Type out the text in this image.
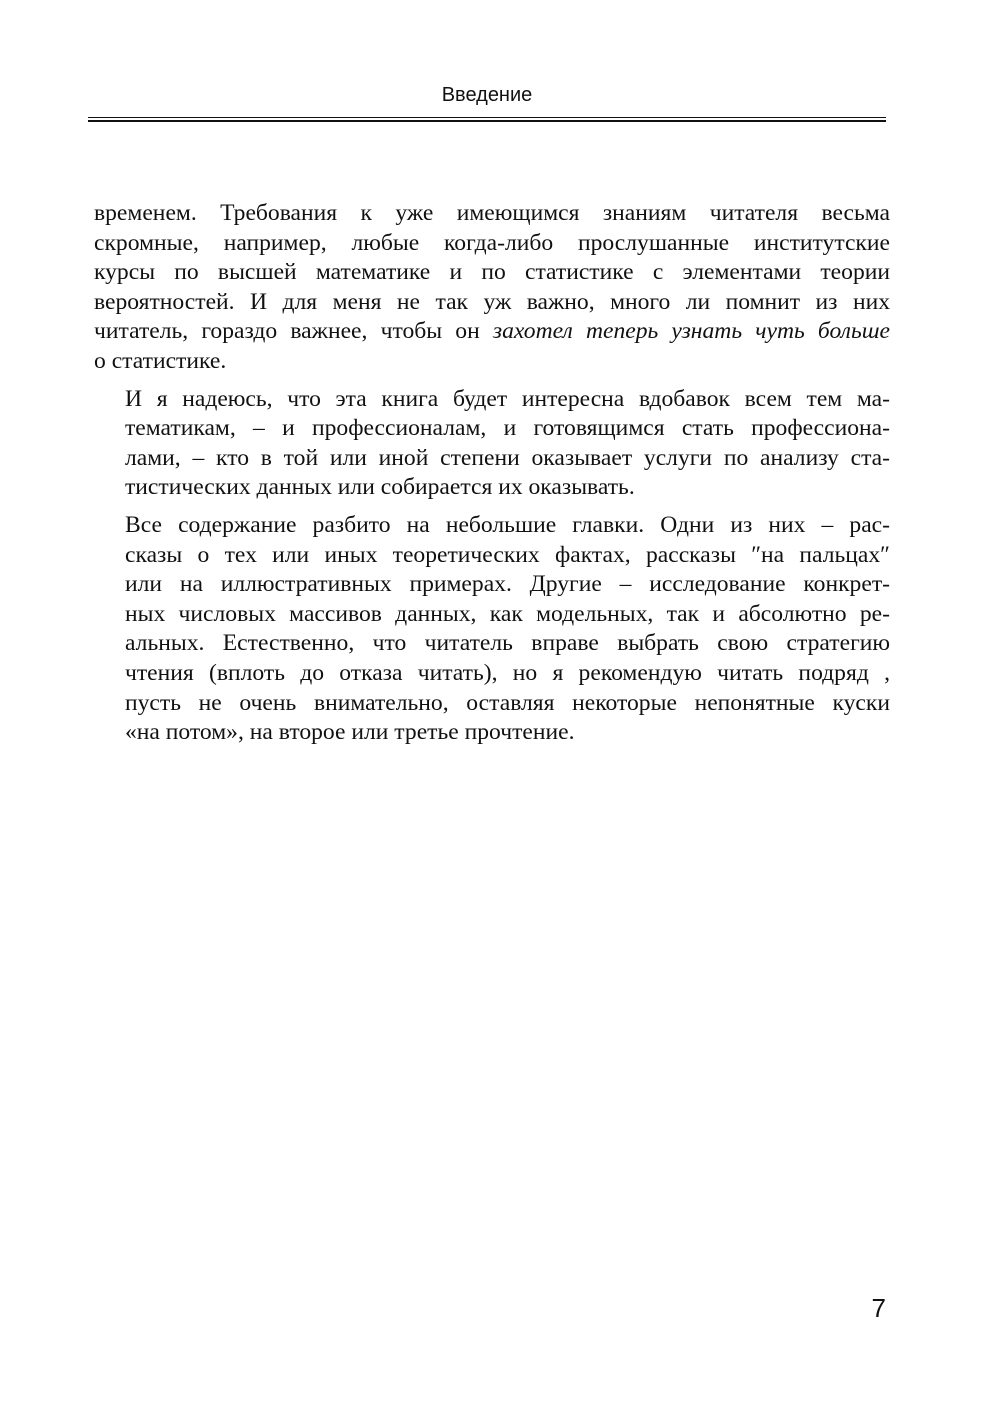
Введение

временем. Требования к уже имеющимся знаниям читателя весьма
скромные, например, любые когда-либо прослушанные институтские
курсы по высшей математике и по статистике с элементами теории
вероятностей. И для меня не так уж важно, много ли помнит из них
читатель, гораздо важнее, чтобы он захотел теперь узнать чуть больше
о статистике.

И я надеюсь, что эта книга будет интересна вдобавок всем тем ма-
тематикам, – и профессионалам, и готовящимся стать профессиона-
лами, – кто в той или иной степени оказывает услуги по анализу ста-
тистических данных или собирается их оказывать.

Все содержание разбито на небольшие главки. Одни из них – рас-
сказы о тех или иных теоретических фактах, рассказы ″на пальцах″
или на иллюстративных примерах. Другие – исследование конкрет-
ных числовых массивов данных, как модельных, так и абсолютно ре-
альных. Естественно, что читатель вправе выбрать свою стратегию
чтения (вплоть до отказа читать), но я рекомендую читать подряд ,
пусть не очень внимательно, оставляя некоторые непонятные куски
«на потом», на второе или третье прочтение.

7
